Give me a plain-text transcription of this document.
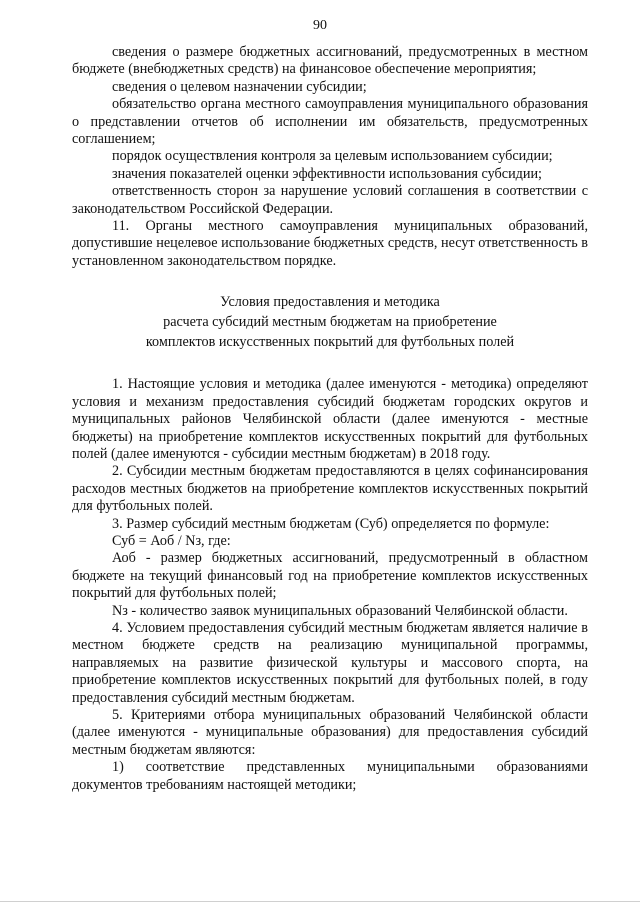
90

сведения о размере бюджетных ассигнований, предусмотренных в местном бюджете (внебюджетных средств) на финансовое обеспечение мероприятия;

сведения о целевом назначении субсидии;

обязательство органа местного самоуправления муниципального образования о представлении отчетов об исполнении им обязательств, предусмотренных соглашением;

порядок осуществления контроля за целевым использованием субсидии;

значения показателей оценки эффективности использования субсидии;

ответственность сторон за нарушение условий соглашения в соответствии с законодательством Российской Федерации.

11. Органы местного самоуправления муниципальных образований, допустившие нецелевое использование бюджетных средств, несут ответственность в установленном законодательством порядке.

Условия предоставления и методика
расчета субсидий местным бюджетам на приобретение
комплектов искусственных покрытий для футбольных полей

1. Настоящие условия и методика (далее именуются - методика) определяют условия и механизм предоставления субсидий бюджетам городских округов и муниципальных районов Челябинской области (далее именуются - местные бюджеты) на приобретение комплектов искусственных покрытий для футбольных полей (далее именуются - субсидии местным бюджетам) в 2018 году.

2. Субсидии местным бюджетам предоставляются в целях софинансирования расходов местных бюджетов на приобретение комплектов искусственных покрытий для футбольных полей.

3. Размер субсидий местным бюджетам (Суб) определяется по формуле:

Суб = Аоб / Nз, где:

Аоб - размер бюджетных ассигнований, предусмотренный в областном бюджете на текущий финансовый год на приобретение комплектов искусственных покрытий для футбольных полей;

Nз - количество заявок муниципальных образований Челябинской области.

4. Условием предоставления субсидий местным бюджетам является наличие в местном бюджете средств на реализацию муниципальной программы, направляемых на развитие физической культуры и массового спорта, на приобретение комплектов искусственных покрытий для футбольных полей, в году предоставления субсидий местным бюджетам.

5. Критериями отбора муниципальных образований Челябинской области (далее именуются - муниципальные образования) для предоставления субсидий местным бюджетам являются:

1) соответствие представленных муниципальными образованиями документов требованиям настоящей методики;
